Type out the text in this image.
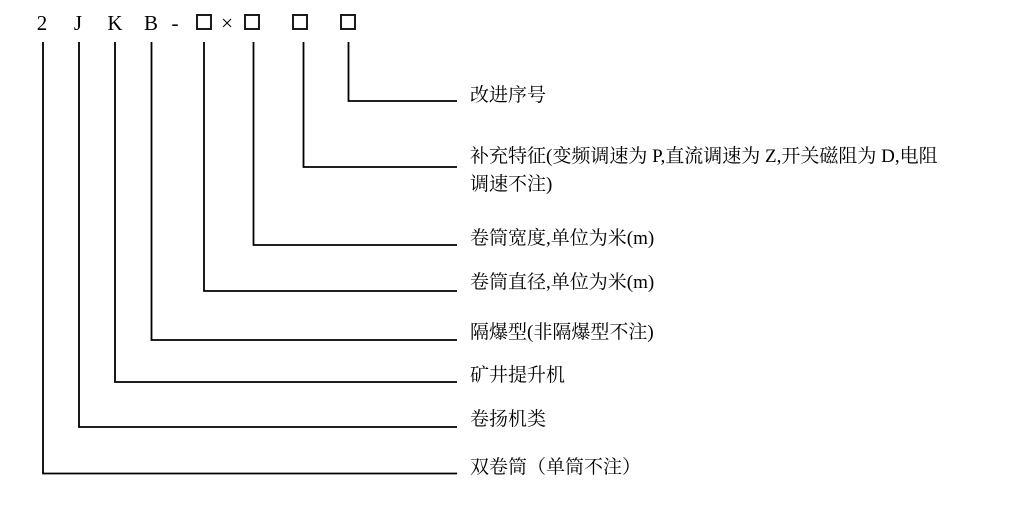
2 J K B - ×
改进序号
补充特征(变频调速为 P,直流调速为 Z,开关磁阻为 D,电阻
调速不注)
卷筒宽度,单位为米(m)
卷筒直径,单位为米(m)
隔爆型(非隔爆型不注)
矿井提升机
卷扬机类
双卷筒（单筒不注）
